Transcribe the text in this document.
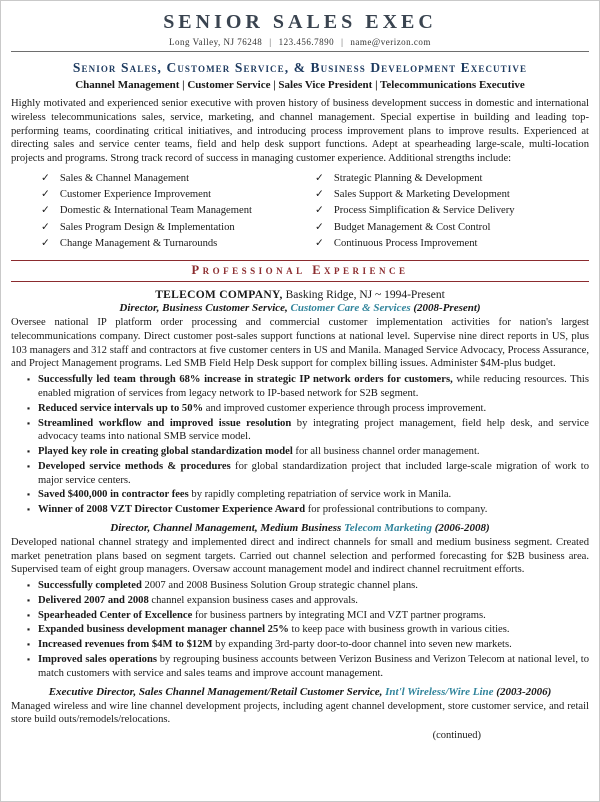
SENIOR SALES EXEC
Long Valley, NJ 76248 | 123.456.7890 | name@verizon.com
Senior Sales, Customer Service, & Business Development Executive
Channel Management | Customer Service | Sales Vice President | Telecommunications Executive

Highly motivated and experienced senior executive with proven history of business development success in domestic and international wireless telecommunications sales, service, marketing, and channel management. Special expertise in building and leading top-performing teams, coordinating critical initiatives, and introducing process improvement plans to improve results. Experienced at directing sales and service center teams, field and help desk support functions. Adept at spearheading large-scale, multi-location projects and programs. Strong track record of success in managing customer experience. Additional strengths include:

✓ Sales & Channel Management
✓ Customer Experience Improvement
✓ Domestic & International Team Management
✓ Sales Program Design & Implementation
✓ Change Management & Turnarounds
✓ Strategic Planning & Development
✓ Sales Support & Marketing Development
✓ Process Simplification & Service Delivery
✓ Budget Management & Cost Control
✓ Continuous Process Improvement
Professional Experience
TELECOM COMPANY, Basking Ridge, NJ ~ 1994-Present
Director, Business Customer Service, Customer Care & Services (2008-Present)

Oversee national IP platform order processing and commercial customer implementation activities for nation's largest telecommunications company. Direct customer post-sales support functions at national level. Supervise nine direct reports in US, plus 103 managers and 312 staff and contractors at five customer centers in US and Manila. Managed Service Advocacy, Process Assurance, and Project Management programs. Led SMB Field Help Desk support for complex billing issues. Administer $4M-plus budget.

▪ Successfully led team through 68% increase in strategic IP network orders for customers, while reducing resources. This enabled migration of services from legacy network to IP-based network for S2B segment.
▪ Reduced service intervals up to 50% and improved customer experience through process improvement.
▪ Streamlined workflow and improved issue resolution by integrating project management, field help desk, and service advocacy teams into national SMB service model.
▪ Played key role in creating global standardization model for all business channel order management.
▪ Developed service methods & procedures for global standardization project that included large-scale migration of work to major service centers.
▪ Saved $400,000 in contractor fees by rapidly completing repatriation of service work in Manila.
▪ Winner of 2008 VZT Director Customer Experience Award for professional contributions to company.
Director, Channel Management, Medium Business Telecom Marketing (2006-2008)

Developed national channel strategy and implemented direct and indirect channels for small and medium business segment. Created market penetration plans based on segment targets. Carried out channel selection and performed forecasting for $2B business area. Supervised team of eight group managers. Oversaw account management model and indirect channel recruitment efforts.

▪ Successfully completed 2007 and 2008 Business Solution Group strategic channel plans.
▪ Delivered 2007 and 2008 channel expansion business cases and approvals.
▪ Spearheaded Center of Excellence for business partners by integrating MCI and VZT partner programs.
▪ Expanded business development manager channel 25% to keep pace with business growth in various cities.
▪ Increased revenues from $4M to $12M by expanding 3rd-party door-to-door channel into seven new markets.
▪ Improved sales operations by regrouping business accounts between Verizon Business and Verizon Telecom at national level, to match customers with service and sales teams and improve account management.
Executive Director, Sales Channel Management/Retail Customer Service, Int'l Wireless/Wire Line (2003-2006)

Managed wireless and wire line channel development projects, including agent channel development, store customer service, and retail store build outs/remodels/relocations.

(continued)
